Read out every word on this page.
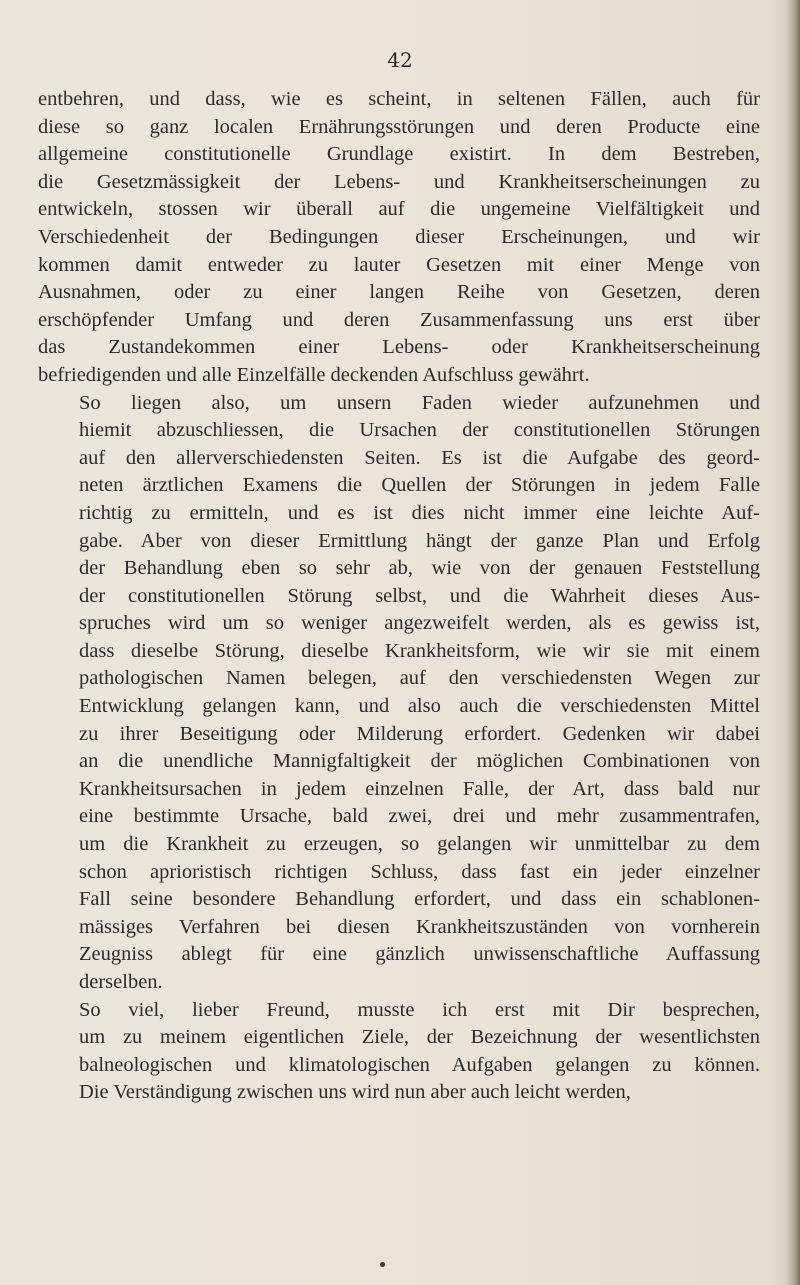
42

entbehren, und dass, wie es scheint, in seltenen Fällen, auch für
diese so ganz localen Ernährungsstörungen und deren Producte eine
allgemeine constitutionelle Grundlage existirt. In dem Bestreben,
die Gesetzmässigkeit der Lebens- und Krankheitserscheinungen zu
entwickeln, stossen wir überall auf die ungemeine Vielfältigkeit und
Verschiedenheit der Bedingungen dieser Erscheinungen, und wir
kommen damit entweder zu lauter Gesetzen mit einer Menge von
Ausnahmen, oder zu einer langen Reihe von Gesetzen, deren
erschöpfender Umfang und deren Zusammenfassung uns erst über
das Zustandekommen einer Lebens- oder Krankheitserscheinung
befriedigenden und alle Einzelfälle deckenden Aufschluss gewährt.

So liegen also, um unsern Faden wieder aufzunehmen und
hiemit abzuschliessen, die Ursachen der constitutionellen Störungen
auf den allerverschiedensten Seiten. Es ist die Aufgabe des geord-
neten ärztlichen Examens die Quellen der Störungen in jedem Falle
richtig zu ermitteln, und es ist dies nicht immer eine leichte Auf-
gabe. Aber von dieser Ermittlung hängt der ganze Plan und Erfolg
der Behandlung eben so sehr ab, wie von der genauen Feststellung
der constitutionellen Störung selbst, und die Wahrheit dieses Aus-
spruches wird um so weniger angezweifelt werden, als es gewiss ist,
dass dieselbe Störung, dieselbe Krankheitsform, wie wir sie mit einem
pathologischen Namen belegen, auf den verschiedensten Wegen zur
Entwicklung gelangen kann, und also auch die verschiedensten Mittel
zu ihrer Beseitigung oder Milderung erfordert. Gedenken wir dabei
an die unendliche Mannigfaltigkeit der möglichen Combinationen von
Krankheitsursachen in jedem einzelnen Falle, der Art, dass bald nur
eine bestimmte Ursache, bald zwei, drei und mehr zusammentrafen,
um die Krankheit zu erzeugen, so gelangen wir unmittelbar zu dem
schon aprioristisch richtigen Schluss, dass fast ein jeder einzelner
Fall seine besondere Behandlung erfordert, und dass ein schablonen-
mässiges Verfahren bei diesen Krankheitszuständen von vornherein
Zeugniss ablegt für eine gänzlich unwissenschaftliche Auffassung
derselben.

So viel, lieber Freund, musste ich erst mit Dir besprechen,
um zu meinem eigentlichen Ziele, der Bezeichnung der wesentlichsten
balneologischen und klimatologischen Aufgaben gelangen zu können.
Die Verständigung zwischen uns wird nun aber auch leicht werden,
